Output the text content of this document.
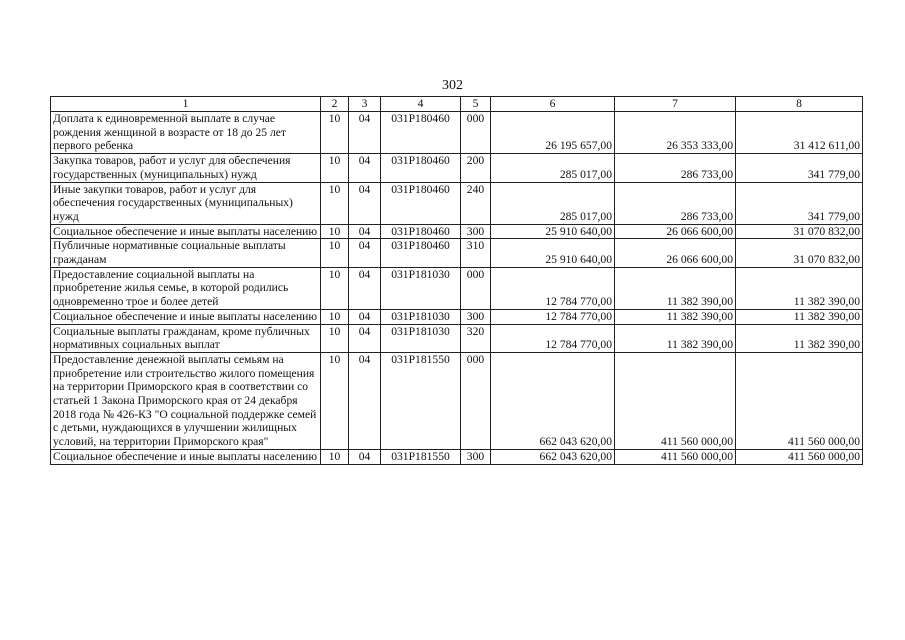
302
1	2	3	4	5	6	7	8
Доплата к единовременной выплате в случае рождения женщиной в возрасте от 18 до 25 лет первого ребенка	10	04	031P180460	000	26 195 657,00	26 353 333,00	31 412 611,00
Закупка товаров, работ и услуг для обеспечения государственных (муниципальных) нужд	10	04	031P180460	200	285 017,00	286 733,00	341 779,00
Иные закупки товаров, работ и услуг для обеспечения государственных (муниципальных) нужд	10	04	031P180460	240	285 017,00	286 733,00	341 779,00
Социальное обеспечение и иные выплаты населению	10	04	031P180460	300	25 910 640,00	26 066 600,00	31 070 832,00
Публичные нормативные социальные выплаты гражданам	10	04	031P180460	310	25 910 640,00	26 066 600,00	31 070 832,00
Предоставление социальной выплаты на приобретение жилья семье, в которой родились одновременно трое и более детей	10	04	031P181030	000	12 784 770,00	11 382 390,00	11 382 390,00
Социальное обеспечение и иные выплаты населению	10	04	031P181030	300	12 784 770,00	11 382 390,00	11 382 390,00
Социальные выплаты гражданам, кроме публичных нормативных социальных выплат	10	04	031P181030	320	12 784 770,00	11 382 390,00	11 382 390,00
Предоставление денежной выплаты семьям на приобретение или строительство жилого помещения на территории Приморского края в соответствии со статьей 1 Закона Приморского края от 24 декабря 2018 года № 426-КЗ "О социальной поддержке семей с детьми, нуждающихся в улучшении жилищных условий, на территории Приморского края"	10	04	031P181550	000	662 043 620,00	411 560 000,00	411 560 000,00
Социальное обеспечение и иные выплаты населению	10	04	031P181550	300	662 043 620,00	411 560 000,00	411 560 000,00
